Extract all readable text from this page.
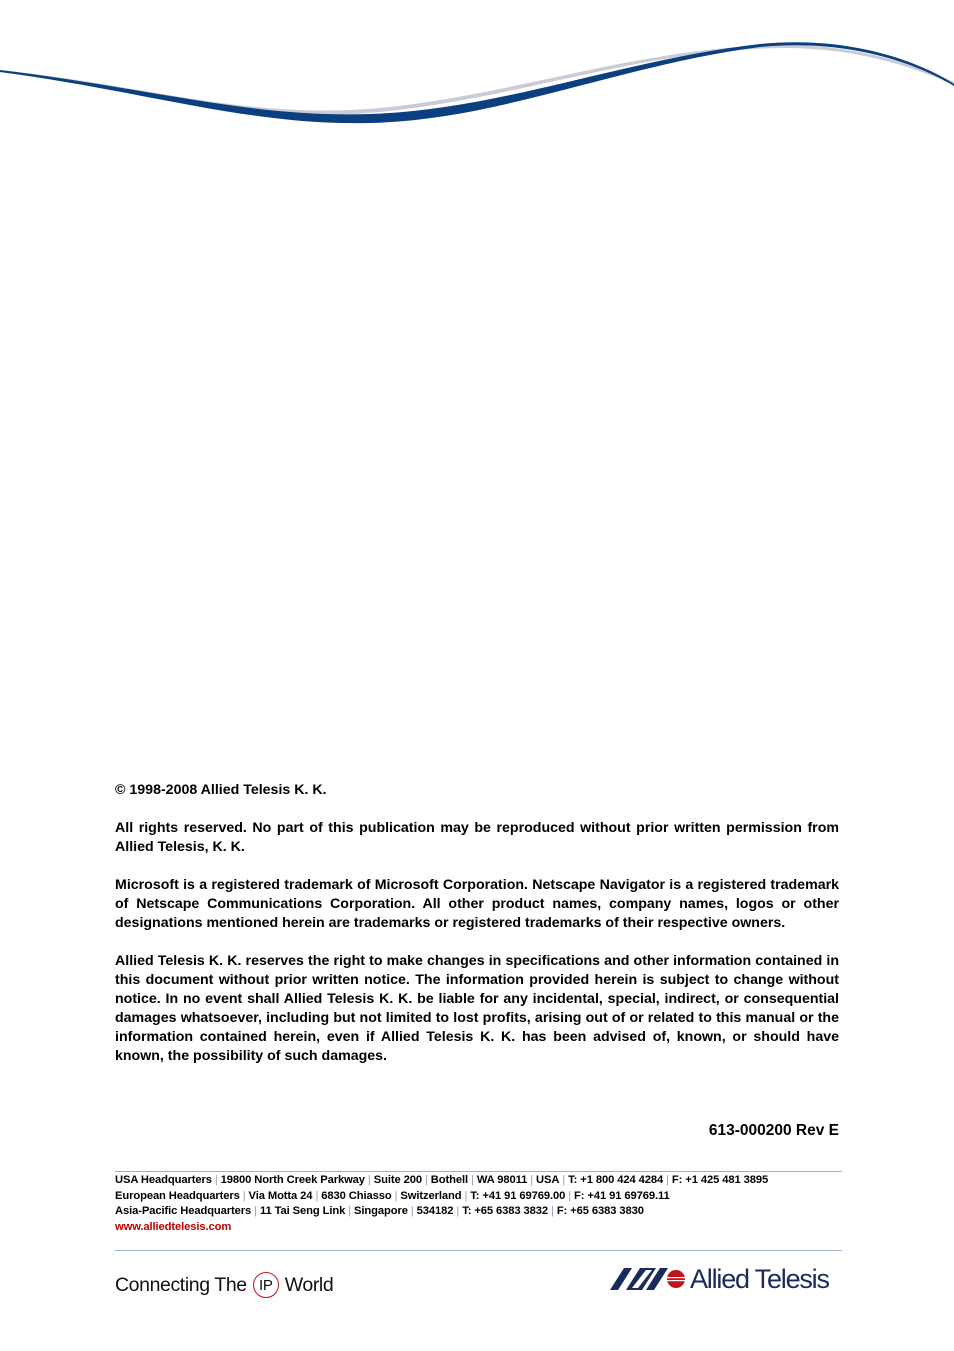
© 1998-2008 Allied Telesis K. K.

All rights reserved. No part of this publication may be reproduced without prior written permission from Allied Telesis, K. K.

Microsoft is a registered trademark of Microsoft Corporation. Netscape Navigator is a registered trademark of Netscape Communications Corporation. All other product names, company names, logos or other designations mentioned herein are trademarks or registered trademarks of their respective owners.

Allied Telesis K. K. reserves the right to make changes in specifications and other information contained in this document without prior written notice. The information provided herein is subject to change without notice. In no event shall Allied Telesis K. K. be liable for any incidental, special, indirect, or consequential damages whatsoever, including but not limited to lost profits, arising out of or related to this manual or the information contained herein, even if Allied Telesis K. K. has been advised of, known, or should have known, the possibility of such damages.

613-000200 Rev E
USA Headquarters | 19800 North Creek Parkway | Suite 200 | Bothell | WA 98011 | USA | T: +1 800 424 4284 | F: +1 425 481 3895
European Headquarters | Via Motta 24 | 6830 Chiasso | Switzerland | T: +41 91 69769.00 | F: +41 91 69769.11
Asia-Pacific Headquarters | 11 Tai Seng Link | Singapore | 534182 | T: +65 6383 3832 | F: +65 6383 3830
www.alliedtelesis.com
Connecting The IP World	Allied Telesis
